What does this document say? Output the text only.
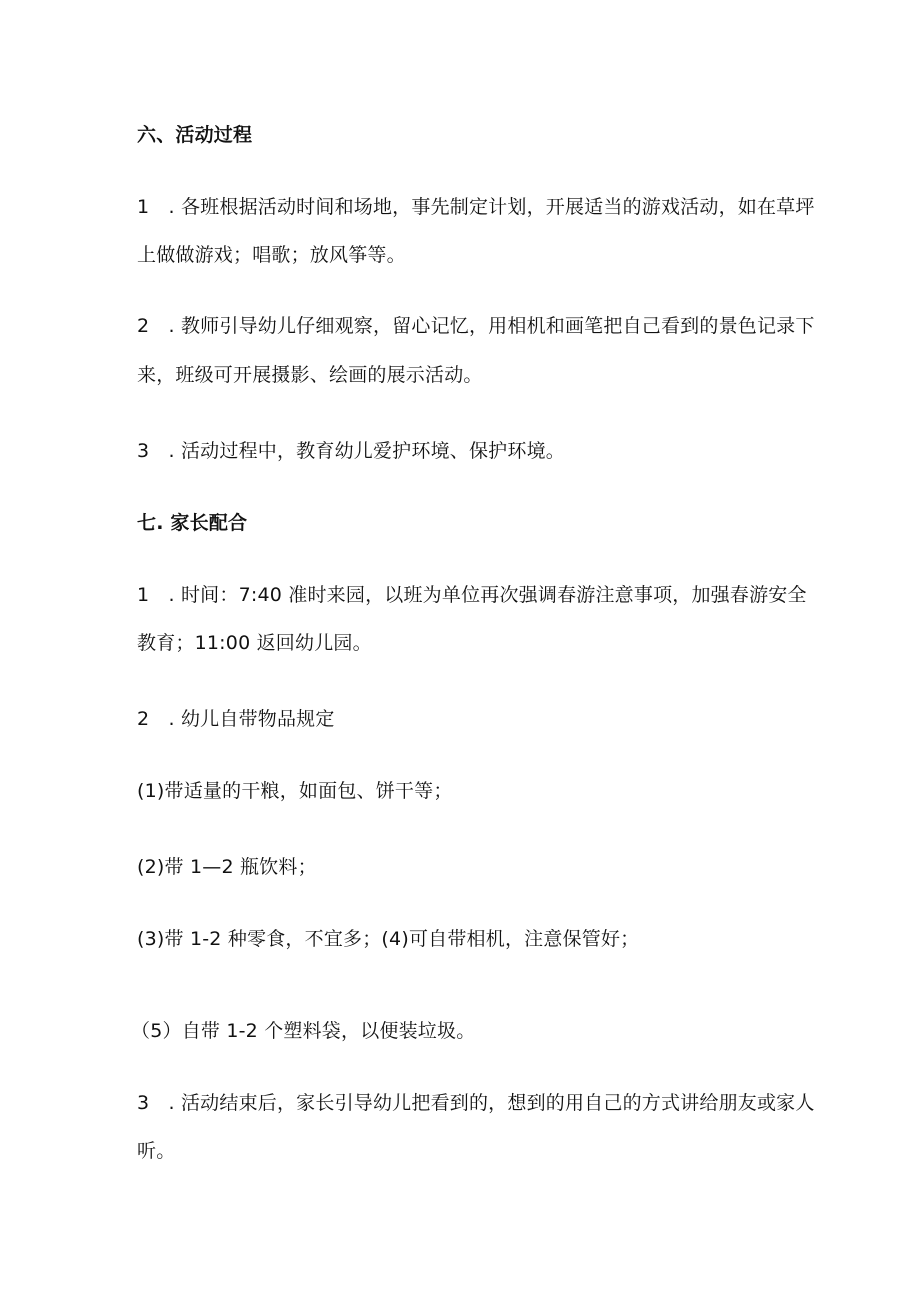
六、活动过程
1　. 各班根据活动时间和场地，事先制定计划，开展适当的游戏活动，如在草坪
上做做游戏；唱歌；放风筝等。
2　. 教师引导幼儿仔细观察，留心记忆，用相机和画笔把自己看到的景色记录下
来，班级可开展摄影、绘画的展示活动。
3　. 活动过程中，教育幼儿爱护环境、保护环境。
七. 家长配合
1　. 时间：7:40 准时来园，以班为单位再次强调春游注意事项，加强春游安全
教育；11:00 返回幼儿园。
2　. 幼儿自带物品规定
(1)带适量的干粮，如面包、饼干等；
(2)带 1—2 瓶饮料；
(3)带 1-2 种零食，不宜多；(4)可自带相机，注意保管好；
（5）自带 1-2 个塑料袋，以便装垃圾。
3　. 活动结束后，家长引导幼儿把看到的，想到的用自己的方式讲给朋友或家人
听。
